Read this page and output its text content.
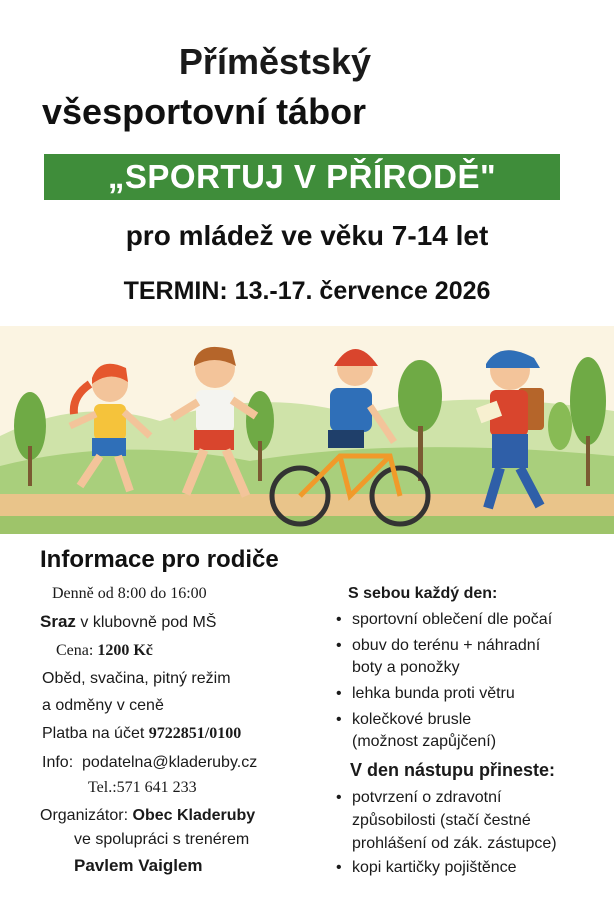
Příměstský
všesportovní tábor
„SPORTUJ V PŘÍRODĚ"
pro mládež ve věku 7-14 let
TERMIN: 13.-17. července 2026
Informace pro rodiče
Denně od 8:00 do 16:00
Sraz v klubovně pod MŠ
Cena: 1200 Kč
Oběd, svačina, pitný režim
a odměny v ceně
Platba na účet 9722851/0100
Info: podatelna@kladeruby.cz
Tel.:571 641 233
Organizátor: Obec Kladeruby
ve spolupráci s trenérem
Pavlem Vaiglem
S sebou každý den:
• sportovní oblečení dle počaí
• obuv do terénu + náhradní
boty a ponožky
• lehka bunda proti větru
• kolečkové brusle
(možnost zapůjčení)
V den nástupu přineste:
• potvrzení o zdravotní
způsobilosti (stačí čestné
prohlášení od zák. zástupce)
• kopi kartičky pojištěnce
